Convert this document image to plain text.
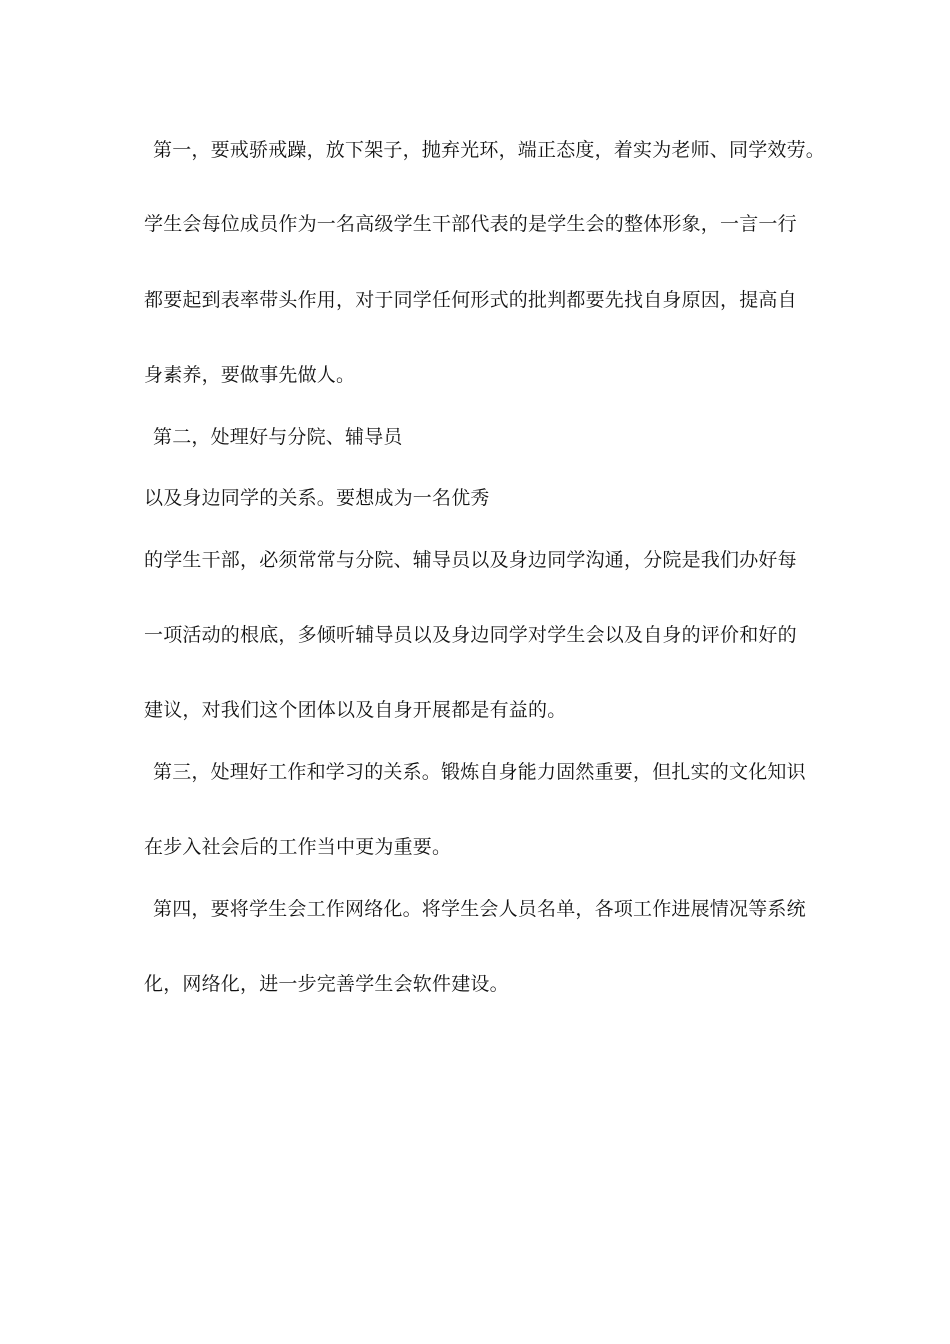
第一，要戒骄戒躁，放下架子，抛弃光环，端正态度，着实为老师、同学效劳。
学生会每位成员作为一名高级学生干部代表的是学生会的整体形象，一言一行
都要起到表率带头作用，对于同学任何形式的批判都要先找自身原因，提高自
身素养，要做事先做人。
第二，处理好与分院、辅导员
以及身边同学的关系。要想成为一名优秀
的学生干部，必须常常与分院、辅导员以及身边同学沟通，分院是我们办好每
一项活动的根底，多倾听辅导员以及身边同学对学生会以及自身的评价和好的
建议，对我们这个团体以及自身开展都是有益的。
第三，处理好工作和学习的关系。锻炼自身能力固然重要，但扎实的文化知识
在步入社会后的工作当中更为重要。
第四，要将学生会工作网络化。将学生会人员名单，各项工作进展情况等系统
化，网络化，进一步完善学生会软件建设。
